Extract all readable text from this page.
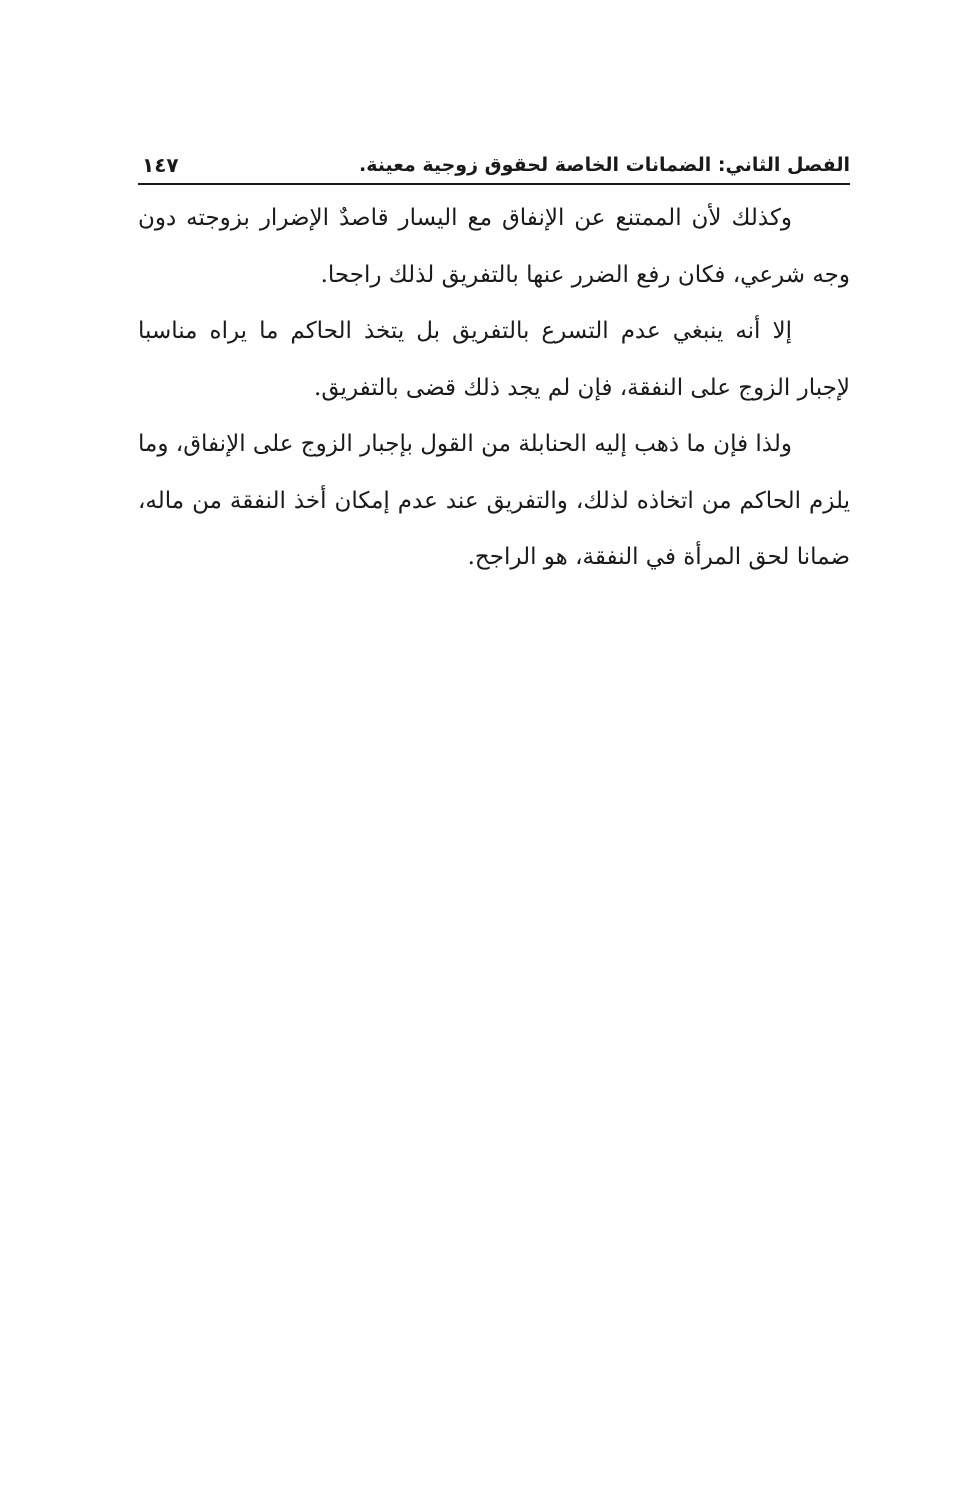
الفصل الثاني: الضمانات الخاصة لحقوق زوجية معينة.
١٤٧

وكذلك لأن الممتنع عن الإنفاق مع اليسار قاصدٌ الإضرار بزوجته دون وجه شرعي، فكان رفع الضرر عنها بالتفريق لذلك راجحا.

إلا أنه ينبغي عدم التسرع بالتفريق بل يتخذ الحاكم ما يراه مناسبا لإجبار الزوج على النفقة، فإن لم يجد ذلك قضى بالتفريق.

ولذا فإن ما ذهب إليه الحنابلة من القول بإجبار الزوج على الإنفاق، وما يلزم الحاكم من اتخاذه لذلك، والتفريق عند عدم إمكان أخذ النفقة من ماله، ضمانا لحق المرأة في النفقة، هو الراجح.
